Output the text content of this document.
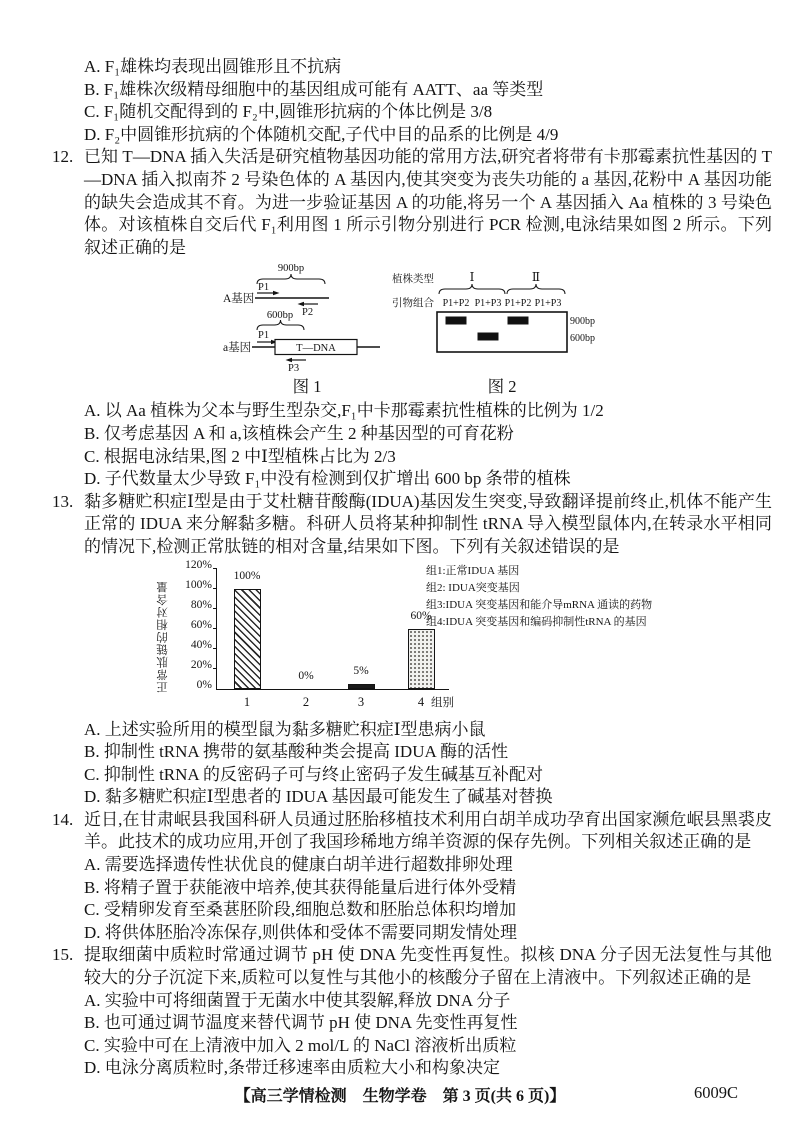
A. F₁雄株均表现出圆锥形且不抗病
B. F₁雄株次级精母细胞中的基因组成可能有 AATT、aa 等类型
C. F₁随机交配得到的 F₂中,圆锥形抗病的个体比例是 3/8
D. F₂中圆锥形抗病的个体随机交配,子代中目的品系的比例是 4/9
12. 已知 T—DNA 插入失活是研究植物基因功能的常用方法,研究者将带有卡那霉素抗性基因的 T—DNA 插入拟南芥 2 号染色体的 A 基因内,使其突变为丧失功能的 a 基因,花粉中 A 基因功能的缺失会造成其不育。为进一步验证基因 A 的功能,将另一个 A 基因插入 Aa 植株的 3 号染色体。对该植株自交后代 F₁利用图 1 所示引物分别进行 PCR 检测,电泳结果如图 2 所示。下列叙述正确的是
900bp
P1
A基因
P2
600bp
P1
a基因	T—DNA
P3
图 1
植株类型	Ⅰ	Ⅱ
引物组合 P1+P2 P1+P3 P1+P2 P1+P3
900bp
600bp
图 2
A. 以 Aa 植株为父本与野生型杂交,F₁中卡那霉素抗性植株的比例为 1/2
B. 仅考虑基因 A 和 a,该植株会产生 2 种基因型的可育花粉
C. 根据电泳结果,图 2 中Ⅰ型植株占比为 2/3
D. 子代数量太少导致 F₁中没有检测到仅扩增出 600 bp 条带的植株
13. 黏多糖贮积症Ⅰ型是由于艾杜糖苷酸酶(IDUA)基因发生突变,导致翻译提前终止,机体不能产生正常的 IDUA 来分解黏多糖。科研人员将某种抑制性 tRNA 导入模型鼠体内,在转录水平相同的情况下,检测正常肽链的相对含量,结果如下图。下列有关叙述错误的是
正常肽链的相对含量	0%
20%
40%
60%
80%
100%
120%
100%
1
0%
2
5%
3
60%
4 组别
组1:正常IDUA 基因
组2: IDUA突变基因
组3:IDUA 突变基因和能介导mRNA 通读的药物
组4:IDUA 突变基因和编码抑制性tRNA 的基因
A. 上述实验所用的模型鼠为黏多糖贮积症Ⅰ型患病小鼠
B. 抑制性 tRNA 携带的氨基酸种类会提高 IDUA 酶的活性
C. 抑制性 tRNA 的反密码子可与终止密码子发生碱基互补配对
D. 黏多糖贮积症Ⅰ型患者的 IDUA 基因最可能发生了碱基对替换
14. 近日,在甘肃岷县我国科研人员通过胚胎移植技术利用白胡羊成功孕育出国家濒危岷县黑裘皮羊。此技术的成功应用,开创了我国珍稀地方绵羊资源的保存先例。下列相关叙述正确的是
A. 需要选择遗传性状优良的健康白胡羊进行超数排卵处理
B. 将精子置于获能液中培养,使其获得能量后进行体外受精
C. 受精卵发育至桑葚胚阶段,细胞总数和胚胎总体积均增加
D. 将供体胚胎冷冻保存,则供体和受体不需要同期发情处理
15. 提取细菌中质粒时常通过调节 pH 使 DNA 先变性再复性。拟核 DNA 分子因无法复性与其他较大的分子沉淀下来,质粒可以复性与其他小的核酸分子留在上清液中。下列叙述正确的是
A. 实验中可将细菌置于无菌水中使其裂解,释放 DNA 分子
B. 也可通过调节温度来替代调节 pH 使 DNA 先变性再复性
C. 实验中可在上清液中加入 2 mol/L 的 NaCl 溶液析出质粒
D. 电泳分离质粒时,条带迁移速率由质粒大小和构象决定
【高三学情检测　生物学卷　第 3 页(共 6 页)】	6009C
